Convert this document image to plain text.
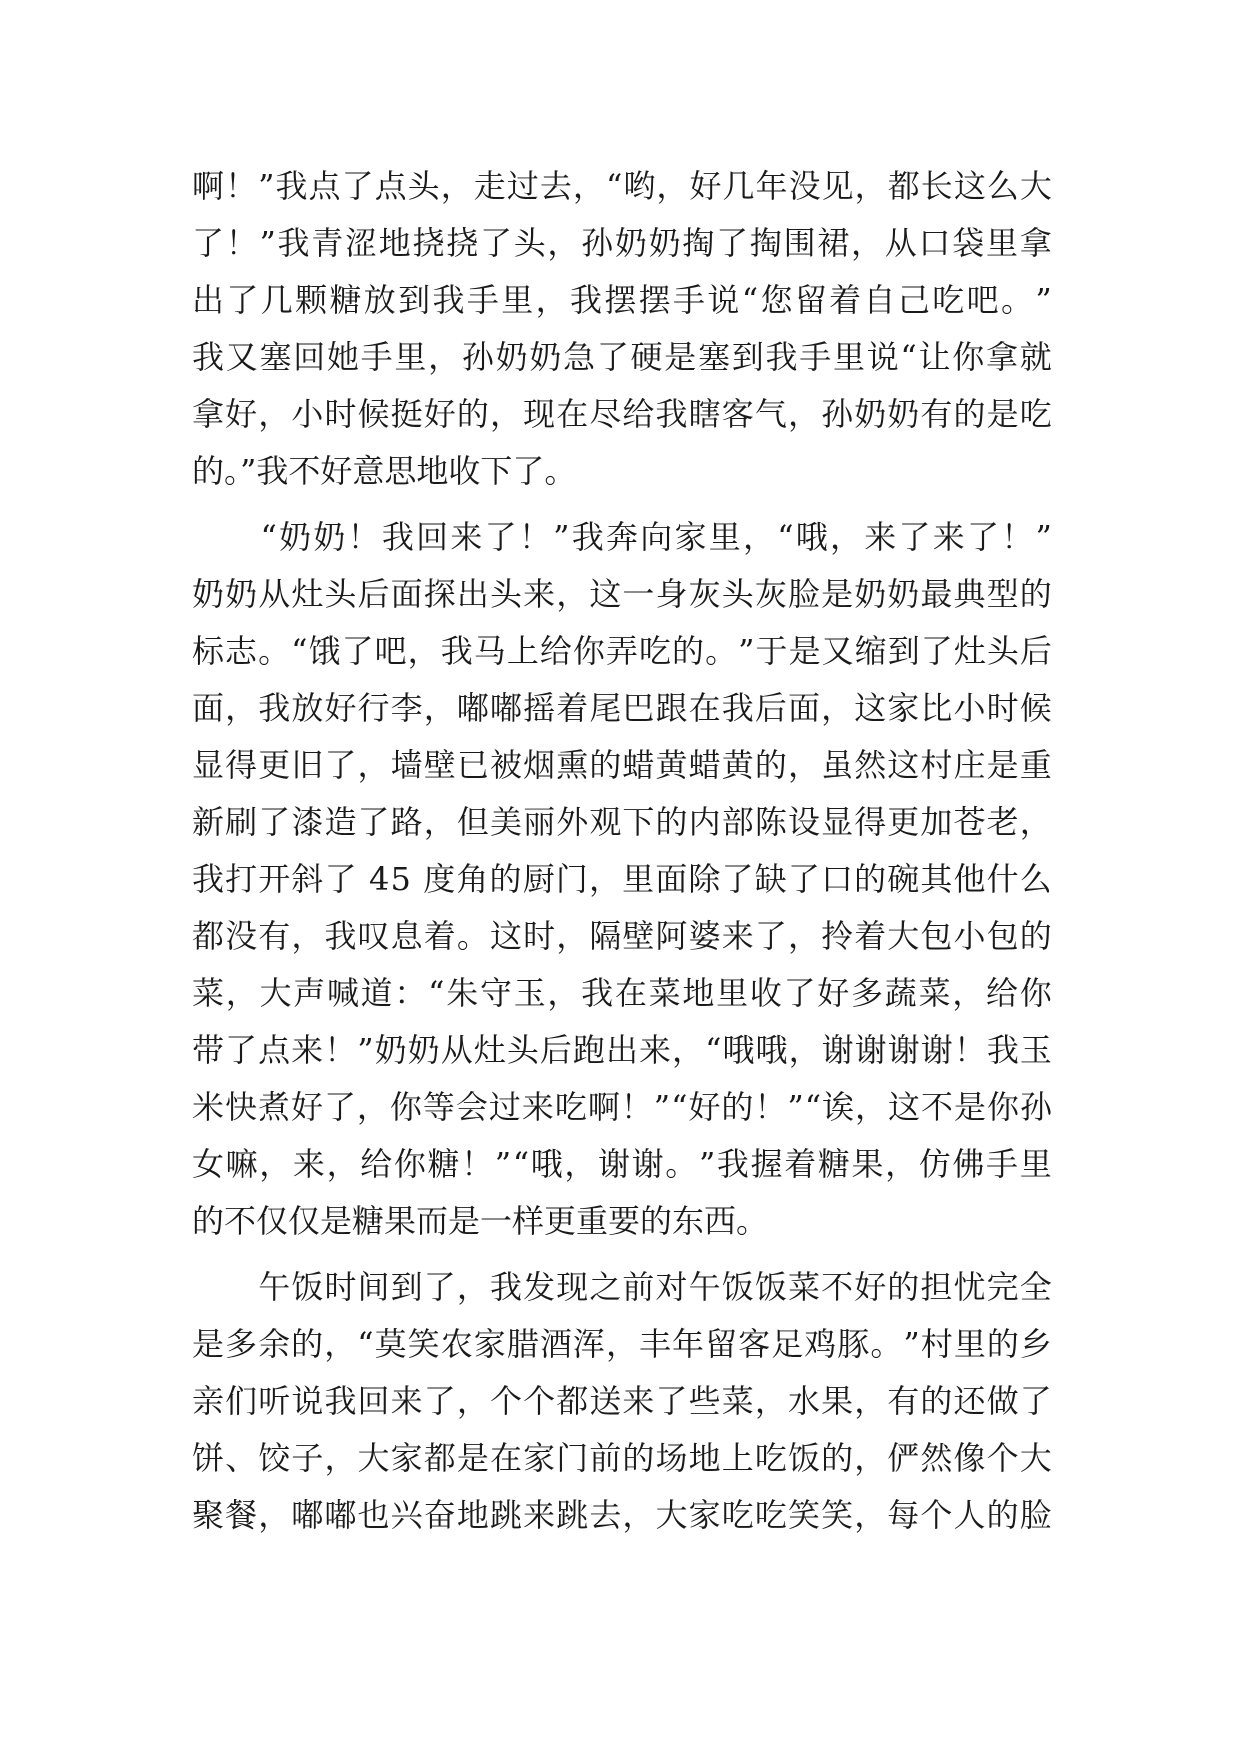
啊 ！ ” 我 点 了 点 头 ， 走 过 去 ， “ 哟 ， 好 几 年 没 见 ， 都 长 这 么 大
了 ！ ” 我 青 涩 地 挠 挠 了 头 ， 孙 奶 奶 掏 了 掏 围 裙 ， 从 口 袋 里 拿
出 了 几 颗 糖 放 到 我 手 里 ， 我 摆 摆 手 说 “ 您 留 着 自 己 吃 吧 。 ”
我 又 塞 回 她 手 里 ， 孙 奶 奶 急 了 硬 是 塞 到 我 手 里 说 “ 让 你 拿 就
拿 好 ， 小 时 候 挺 好 的 ， 现 在 尽 给 我 瞎 客 气 ， 孙 奶 奶 有 的 是 吃
的。”我不好意思地收下了。

“ 奶 奶 ！ 我 回 来 了 ！ ” 我 奔 向 家 里 ， “ 哦 ， 来 了 来 了 ！ ”
奶 奶 从 灶 头 后 面 探 出 头 来 ， 这 一 身 灰 头 灰 脸 是 奶 奶 最 典 型 的
标 志 。 “ 饿 了 吧 ， 我 马 上 给 你 弄 吃 的 。 ” 于 是 又 缩 到 了 灶 头 后
面 ， 我 放 好 行 李 ， 嘟 嘟 摇 着 尾 巴 跟 在 我 后 面 ， 这 家 比 小 时 候
显 得 更 旧 了 ， 墙 壁 已 被 烟 熏 的 蜡 黄 蜡 黄 的 ， 虽 然 这 村 庄 是 重
新 刷 了 漆 造 了 路 ， 但 美 丽 外 观 下 的 内 部 陈 设 显 得 更 加 苍 老 ，
我 打 开 斜 了
4 5
度 角 的 厨 门 ， 里 面 除 了 缺 了 口 的 碗 其 他 什 么
都 没 有 ， 我 叹 息 着 。 这 时 ， 隔 壁 阿 婆 来 了 ， 拎 着 大 包 小 包 的
菜 ， 大 声 喊 道 ： “ 朱 守 玉 ， 我 在 菜 地 里 收 了 好 多 蔬 菜 ， 给 你
带 了 点 来 ！ ” 奶 奶 从 灶 头 后 跑 出 来 ， “ 哦 哦 ， 谢 谢 谢 谢 ！ 我 玉
米 快 煮 好 了 ， 你 等 会 过 来 吃 啊 ！ ” “ 好 的 ！ ” “ 诶 ， 这 不 是 你 孙
女 嘛 ， 来 ， 给 你 糖 ！ ” “ 哦 ， 谢 谢 。 ” 我 握 着 糖 果 ， 仿 佛 手 里
的不仅仅是糖果而是一样更重要的东西。

午 饭 时 间 到 了 ， 我 发 现 之 前 对 午 饭 饭 菜 不 好 的 担 忧 完 全
是 多 余 的 ， “ 莫 笑 农 家 腊 酒 浑 ， 丰 年 留 客 足 鸡 豚 。 ” 村 里 的 乡
亲 们 听 说 我 回 来 了 ， 个 个 都 送 来 了 些 菜 ， 水 果 ， 有 的 还 做 了
饼 、 饺 子 ， 大 家 都 是 在 家 门 前 的 场 地 上 吃 饭 的 ， 俨 然 像 个 大
聚 餐 ， 嘟 嘟 也 兴 奋 地 跳 来 跳 去 ， 大 家 吃 吃 笑 笑 ， 每 个 人 的 脸
